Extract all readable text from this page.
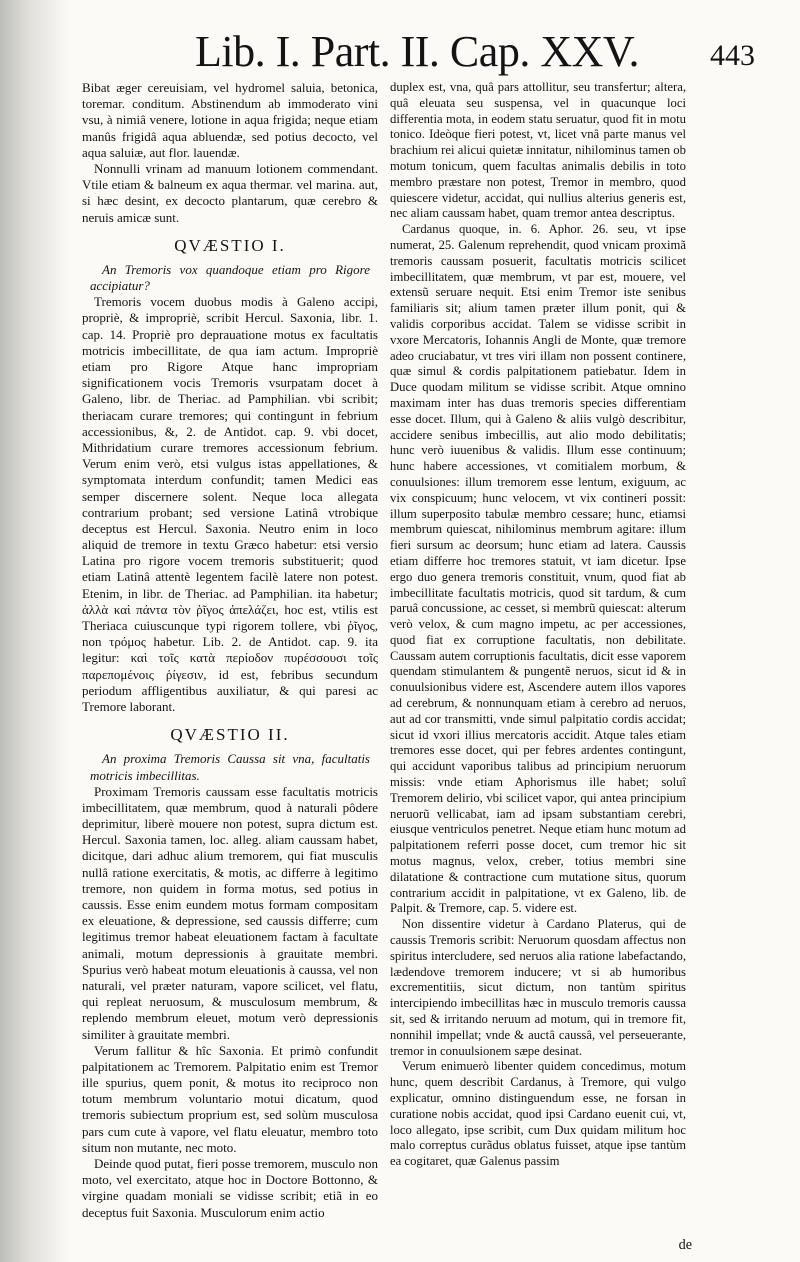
Lib. I. Part. II. Cap. XXV. 443

Bibat æger cereuisiam, vel hydromel saluia, betonica, toremar. conditum. Abstinendum ab immoderato vini vsu, à nimiâ venere, lotione in aqua frigida; neque etiam manûs frigidâ aqua abluendæ, sed potius decocto, vel aqua saluiæ, aut flor. lauendæ.

Nonnulli vrinam ad manuum lotionem commendant. Vtile etiam & balneum ex aqua thermar. vel marina. aut, si hæc desint, ex decocto plantarum, quæ cerebro & neruis amicæ sunt.

QVÆSTIO I.

An Tremoris vox quandoque etiam pro Rigore accipiatur?

Tremoris vocem duobus modis à Galeno accipi, propriè, & impropriè, scribit Hercul. Saxonia, libr. 1. cap. 14. Propriè pro deprauatione motus ex facultatis motricis imbecillitate, de qua iam actum. Impropriè etiam pro Rigore Atque hanc impropriam significationem vocis Tremoris vsurpatam docet à Galeno, libr. de Theriac. ad Pamphilian. vbi scribit; theriacam curare tremores; qui contingunt in febrium accessionibus, &, 2. de Antidot. cap. 9. vbi docet, Mithridatium curare tremores accessionum febrium. Verum enim verò, etsi vulgus istas appellationes, & symptomata interdum confundit; tamen Medici eas semper discernere solent. Neque loca allegata contrarium probant; sed versione Latinâ vtrobique deceptus est Hercul. Saxonia. Neutro enim in loco aliquid de tremore in textu Græco habetur: etsi versio Latina pro rigore vocem tremoris substituerit; quod etiam Latinâ attentè legentem facilè latere non potest. Etenim, in libr. de Theriac. ad Pamphilian. ita habetur; ἀλλὰ καὶ πάντα τὸν ῥῖγος ἀπελάζει, hoc est, vtilis est Theriaca cuiuscunque typi rigorem tollere, vbi ῥῖγος, non τρόμος habetur. Lib. 2. de Antidot. cap. 9. ita legitur: καὶ τοῖς κατὰ περίοδον πυρέσσουσι τοῖς παρεπομένοις ῥίγεσιν, id est, febribus secundum periodum affligentibus auxiliatur, & qui paresi ac Tremore laborant.

QVÆSTIO II.

An proxima Tremoris Caussa sit vna, facultatis motricis imbecillitas.

Proximam Tremoris caussam esse facultatis motricis imbecillitatem, quæ membrum, quod à naturali pôdere deprimitur, liberè mouere non potest, supra dictum est. Hercul. Saxonia tamen, loc. alleg. aliam caussam habet, dicitque, dari adhuc alium tremorem, qui fiat musculis nullâ ratione exercitatis, & motis, ac differre à legitimo tremore, non quidem in forma motus, sed potius in caussis. Esse enim eundem motus formam compositam ex eleuatione, & depressione, sed caussis differre; cum legitimus tremor habeat eleuationem factam à facultate animali, motum depressionis à grauitate membri. Spurius verò habeat motum eleuationis à caussa, vel non naturali, vel præter naturam, vapore scilicet, vel flatu, qui repleat neruosum, & musculosum membrum, & replendo membrum eleuet, motum verò depressionis similiter à grauitate membri.

Verum fallitur & hîc Saxonia. Et primò confundit palpitationem ac Tremorem. Palpitatio enim est Tremor ille spurius, quem ponit, & motus ito reciproco non totum membrum voluntario motui dicatum, quod tremoris subiectum proprium est, sed solùm musculosa pars cum cute à vapore, vel flatu eleuatur, membro toto situm non mutante, nec moto.

Deinde quod putat, fieri posse tremorem, musculo non moto, vel exercitato, atque hoc in Doctore Bottonno, & virgine quadam moniali se vidisse scribit; etiã in eo deceptus fuit Saxonia. Musculorum enim actio

duplex est, vna, quâ pars attollitur, seu transfertur; altera, quâ eleuata seu suspensa, vel in quacunque loci differentia mota, in eodem statu seruatur, quod fit in motu tonico. Ideòque fieri potest, vt, licet vnâ parte manus vel brachium rei alicui quietæ innitatur, nihilominus tamen ob motum tonicum, quem facultas animalis debilis in toto membro præstare non potest, Tremor in membro, quod quiescere videtur, accidat, qui nullius alterius generis est, nec aliam caussam habet, quam tremor antea descriptus.

Cardanus quoque, in. 6. Aphor. 26. seu, vt ipse numerat, 25. Galenum reprehendit, quod vnicam proximã tremoris caussam posuerit, facultatis motricis scilicet imbecillitatem, quæ membrum, vt par est, mouere, vel extensũ seruare nequit. Etsi enim Tremor iste senibus familiaris sit; alium tamen præter illum ponit, qui & validis corporibus accidat. Talem se vidisse scribit in vxore Mercatoris, Iohannis Angli de Monte, quæ tremore adeo cruciabatur, vt tres viri illam non possent continere, quæ simul & cordis palpitationem patiebatur. Idem in Duce quodam militum se vidisse scribit. Atque omnino maximam inter has duas tremoris species differentiam esse docet. Illum, qui à Galeno & aliis vulgò describitur, accidere senibus imbecillis, aut alio modo debilitatis; hunc verò iuuenibus & validis. Illum esse continuum; hunc habere accessiones, vt comitialem morbum, & conuulsiones: illum tremorem esse lentum, exiguum, ac vix conspicuum; hunc velocem, vt vix contineri possit: illum superposito tabulæ membro cessare; hunc, etiamsi membrum quiescat, nihilominus membrum agitare: illum fieri sursum ac deorsum; hunc etiam ad latera. Caussis etiam differre hoc tremores statuit, vt iam dicetur. Ipse ergo duo genera tremoris constituit, vnum, quod fiat ab imbecillitate facultatis motricis, quod sit tardum, & cum paruâ concussione, ac cesset, si membrũ quiescat: alterum verò velox, & cum magno impetu, ac per accessiones, quod fiat ex corruptione facultatis, non debilitate. Caussam autem corruptionis facultatis, dicit esse vaporem quendam stimulantem & pungentẽ neruos, sicut id & in conuulsionibus videre est, Ascendere autem illos vapores ad cerebrum, & nonnunquam etiam à cerebro ad neruos, aut ad cor transmitti, vnde simul palpitatio cordis accidat; sicut id vxori illius mercatoris accidit. Atque tales etiam tremores esse docet, qui per febres ardentes contingunt, qui accidunt vaporibus talibus ad principium neruorum missis: vnde etiam Aphorismus ille habet; soluî Tremorem delirio, vbi scilicet vapor, qui antea principium neruorũ vellicabat, iam ad ipsam substantiam cerebri, eiusque ventriculos penetret. Neque etiam hunc motum ad palpitationem referri posse docet, cum tremor hic sit motus magnus, velox, creber, totius membri sine dilatatione & contractione cum mutatione situs, quorum contrarium accidit in palpitatione, vt ex Galeno, lib. de Palpit. & Tremore, cap. 5. videre est.

Non dissentire videtur à Cardano Platerus, qui de caussis Tremoris scribit: Neruorum quosdam affectus non spiritus intercludere, sed neruos alia ratione labefactando, lædendove tremorem inducere; vt si ab humoribus excrementitiis, sicut dictum, non tantùm spiritus intercipiendo imbecillitas hæc in musculo tremoris caussa sit, sed & irritando neruum ad motum, qui in tremore fit, nonnihil impellat; vnde & auctâ caussâ, vel perseuerante, tremor in conuulsionem sæpe desinat.

Verum enimuerò libenter quidem concedimus, motum hunc, quem describit Cardanus, à Tremore, qui vulgo explicatur, omnino distinguendum esse, ne forsan in curatione nobis accidat, quod ipsi Cardano euenit cui, vt, loco allegato, ipse scribit, cum Dux quidam militum hoc malo correptus curãdus oblatus fuisset, atque ipse tantùm ea cogitaret, quæ Galenus passim

de
